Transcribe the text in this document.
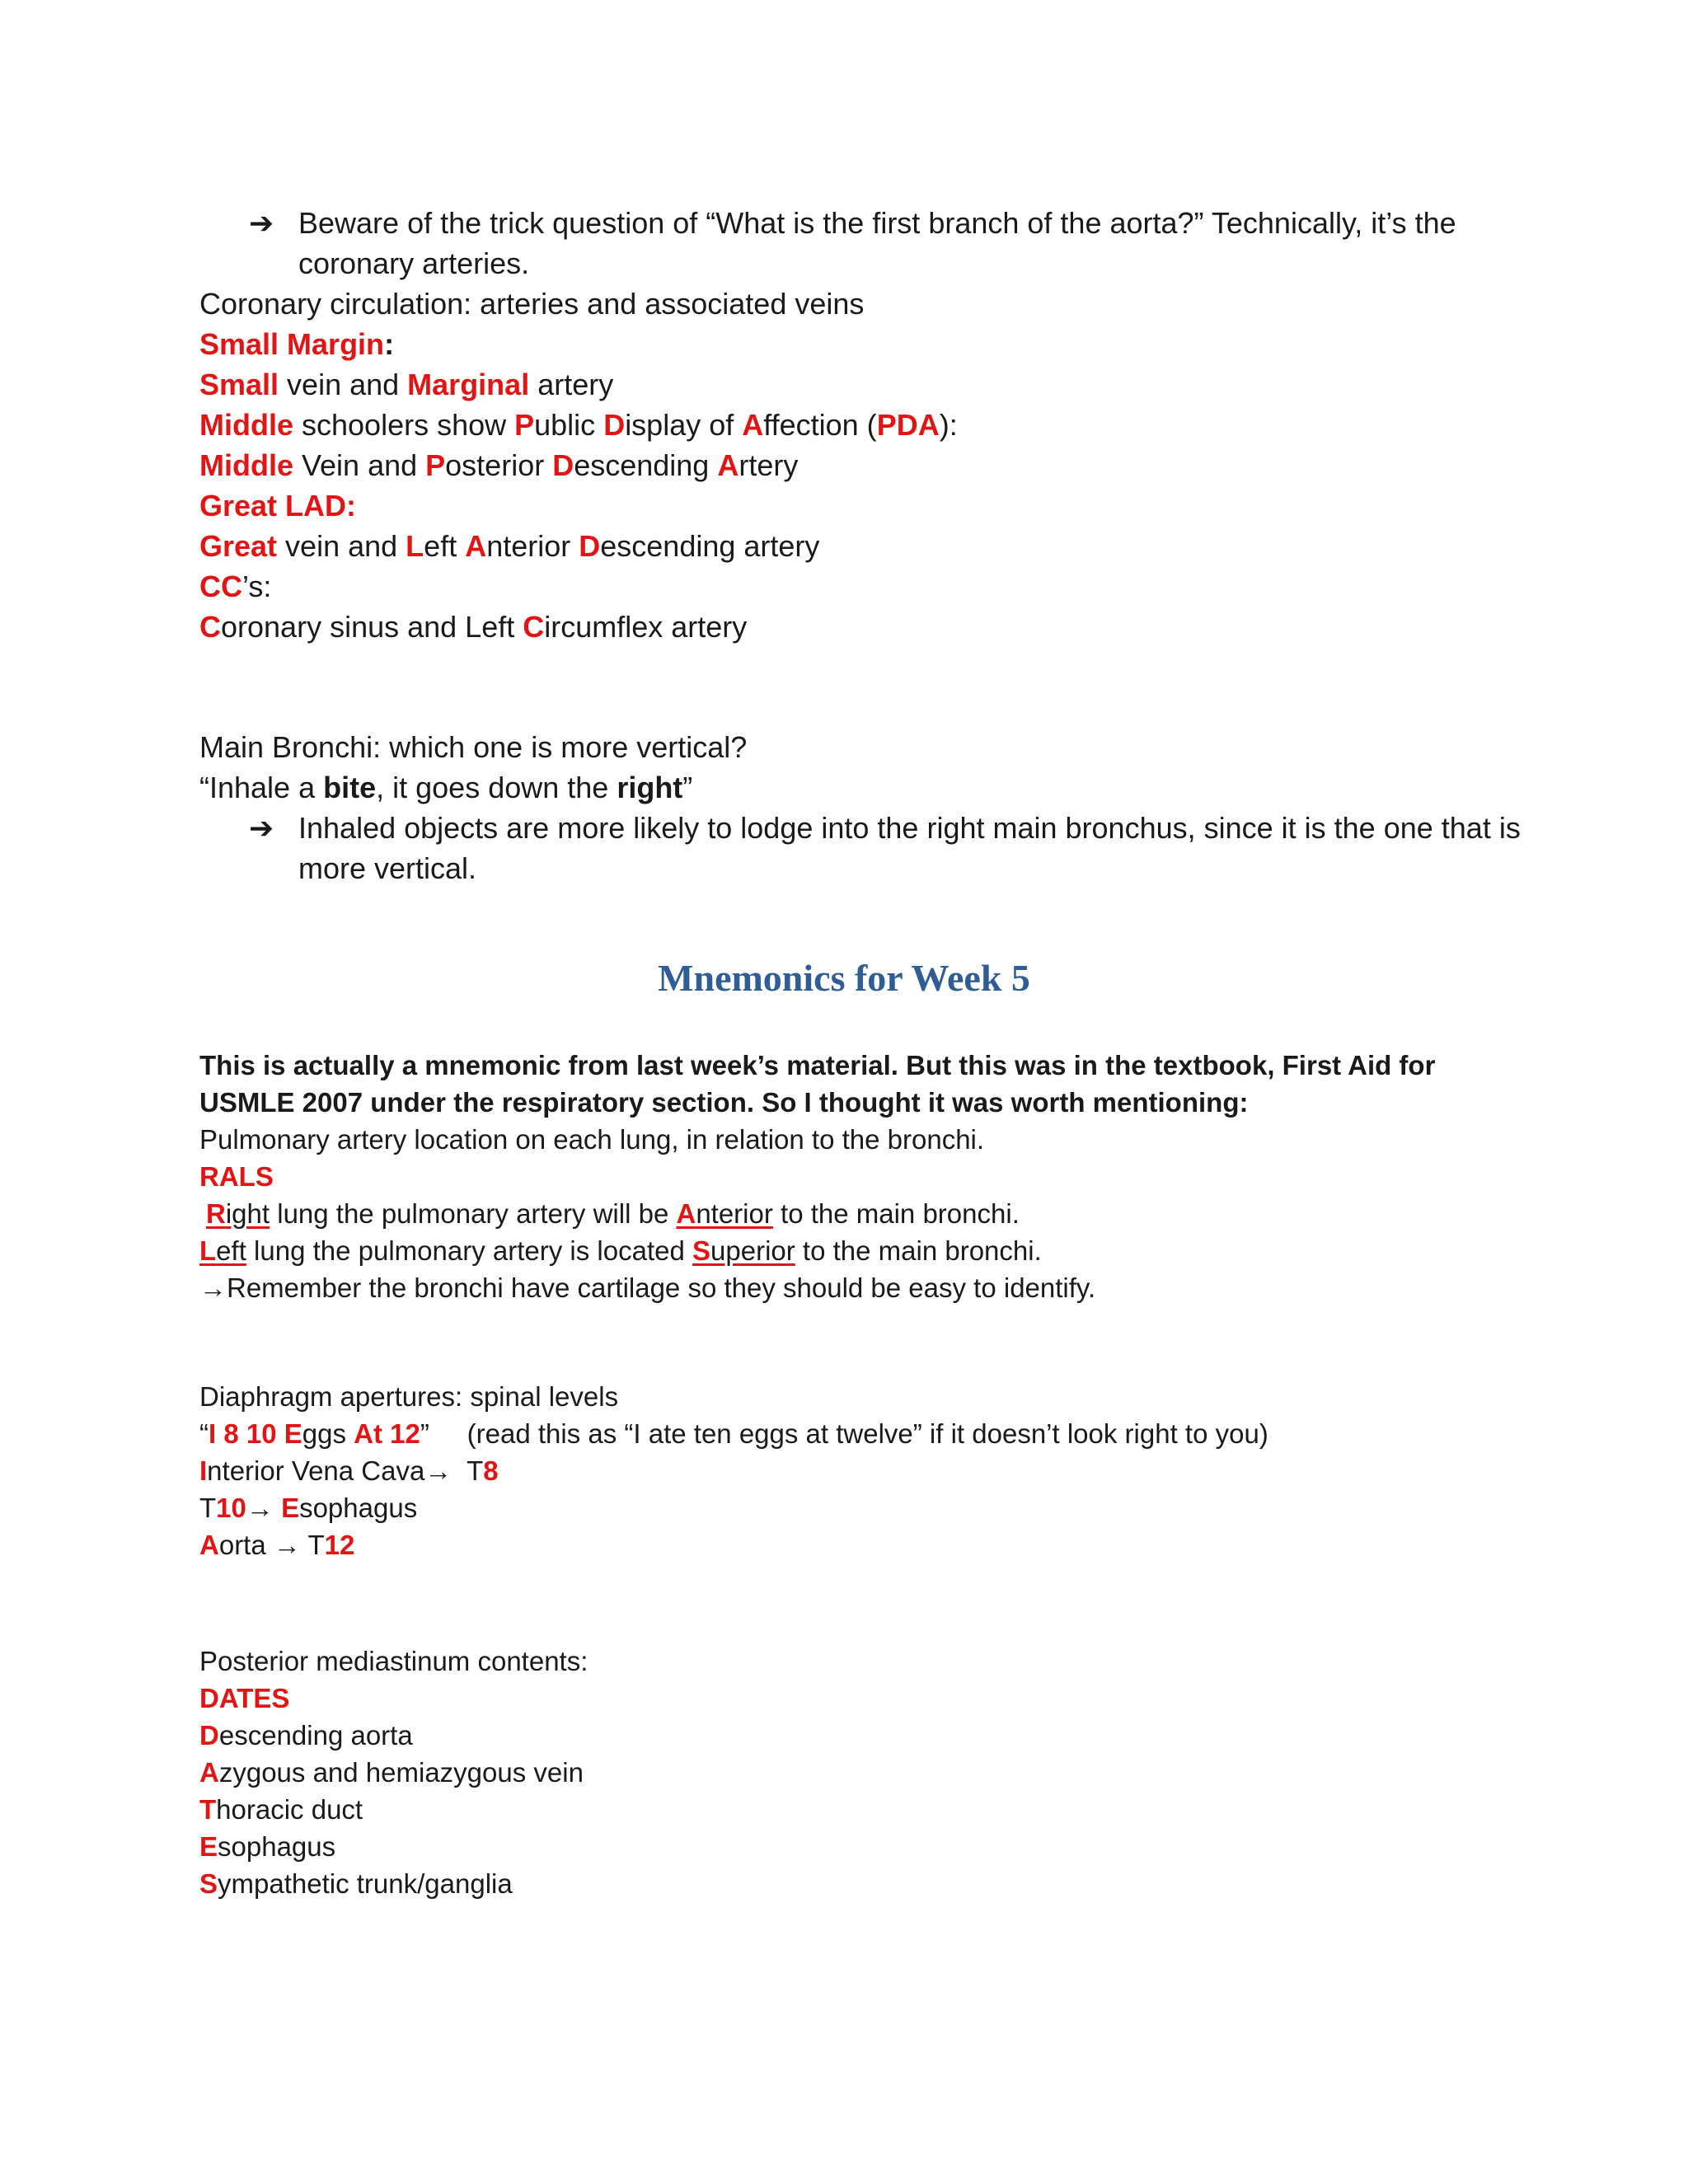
➔ Beware of the trick question of “What is the first branch of the aorta?” Technically, it’s the coronary arteries.
Coronary circulation: arteries and associated veins
Small Margin:
Small vein and Marginal artery
Middle schoolers show Public Display of Affection (PDA):
Middle Vein and Posterior Descending Artery
Great LAD:
Great vein and Left Anterior Descending artery
CC’s:
Coronary sinus and Left Circumflex artery
Main Bronchi: which one is more vertical?
“Inhale a bite, it goes down the right”
➔ Inhaled objects are more likely to lodge into the right main bronchus, since it is the one that is more vertical.
Mnemonics for Week 5
This is actually a mnemonic from last week’s material. But this was in the textbook, First Aid for USMLE 2007 under the respiratory section. So I thought it was worth mentioning:
Pulmonary artery location on each lung, in relation to the bronchi.
RALS
Right lung the pulmonary artery will be Anterior to the main bronchi.
Left lung the pulmonary artery is located Superior to the main bronchi.
→Remember the bronchi have cartilage so they should be easy to identify.
Diaphragm apertures: spinal levels
“I 8 10 Eggs At 12”     (read this as “I ate ten eggs at twelve” if it doesn’t look right to you)
Interior Vena Cava→  T8
T10→ Esophagus
Aorta → T12
Posterior mediastinum contents:
DATES
Descending aorta
Azygous and hemiazygous vein
Thoracic duct
Esophagus
Sympathetic trunk/ganglia
